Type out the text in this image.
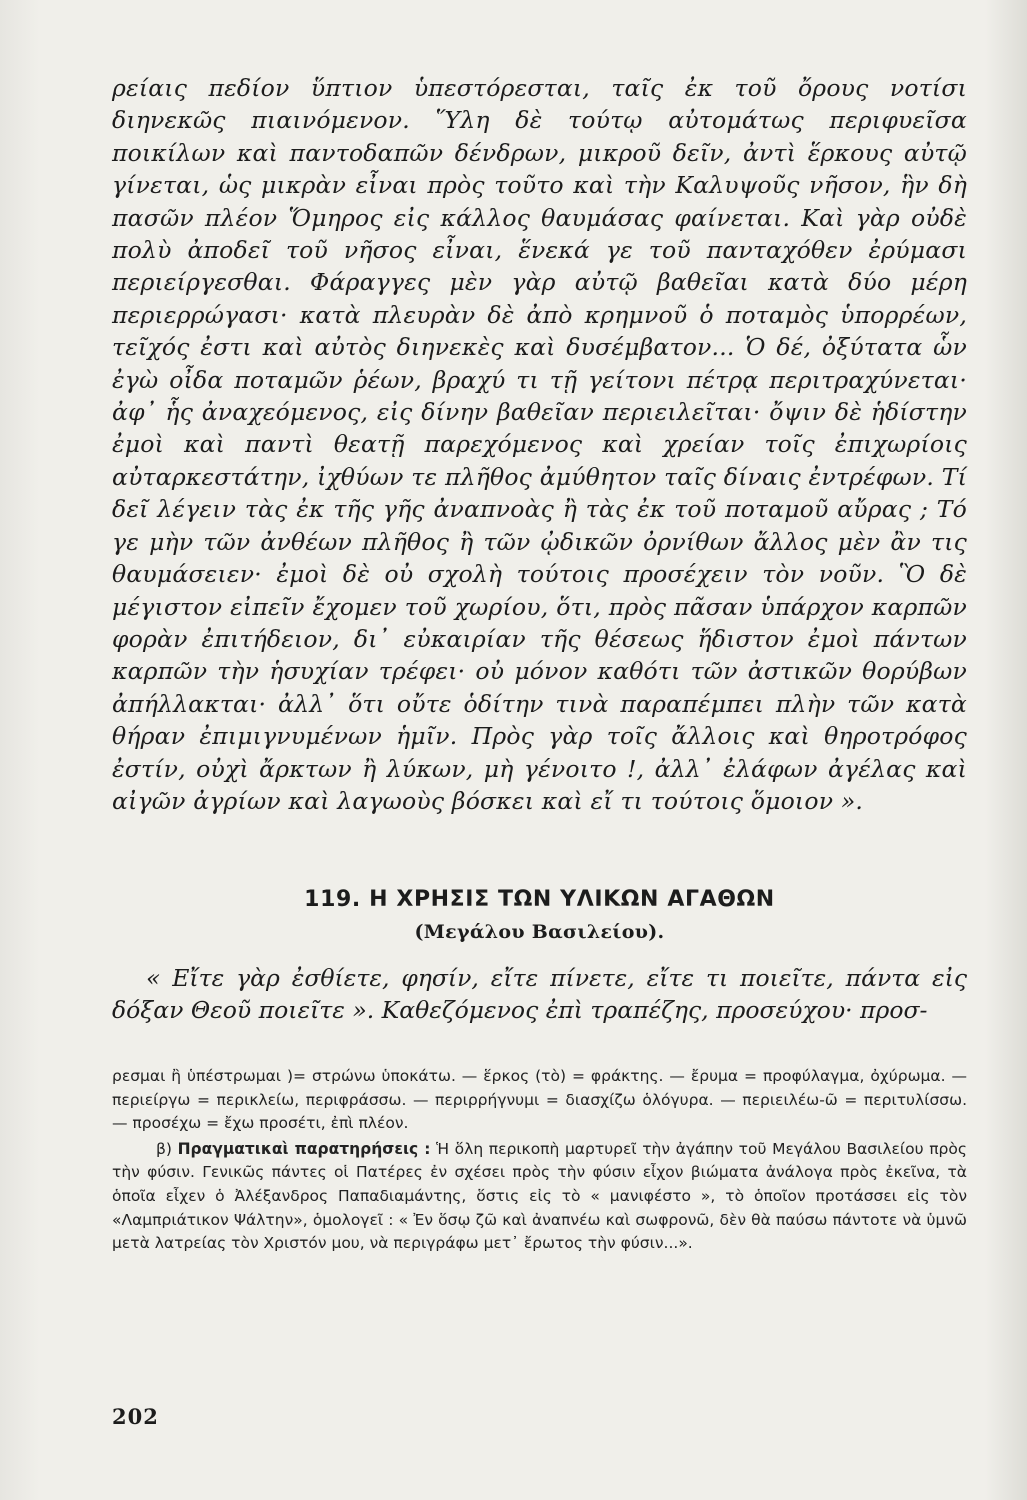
ρείαις πεδίον ὕπτιον ὑπεστόρεσται, ταῖς ἐκ τοῦ ὄρους νοτίσι διηνεκῶς πιαινόμενον. Ὕλη δὲ τούτῳ αὐτομάτως περιφυεῖσα ποικίλων καὶ παντοδαπῶν δένδρων, μικροῦ δεῖν, ἀντὶ ἕρκους αὐτῷ γίνεται, ὡς μικρὰν εἶναι πρὸς τοῦτο καὶ τὴν Καλυψοῦς νῆσον, ἣν δὴ πασῶν πλέον Ὅμηρος εἰς κάλλος θαυμάσας φαίνεται. Καὶ γὰρ οὐδὲ πολὺ ἀποδεῖ τοῦ νῆσος εἶναι, ἕνεκά γε τοῦ πανταχόθεν ἐρύμασι περιείργεσθαι. Φάραγγες μὲν γὰρ αὐτῷ βαθεῖαι κατὰ δύο μέρη περιερρώγασι· κατὰ πλευρὰν δὲ ἀπὸ κρημνοῦ ὁ ποταμὸς ὑπορρέων, τεῖχός ἐστι καὶ αὐτὸς διηνεκὲς καὶ δυσέμβατον... Ὁ δέ, ὀξύτατα ὧν ἐγὼ οἶδα ποταμῶν ῥέων, βραχύ τι τῇ γείτονι πέτρᾳ περιτραχύνεται· ἀφ᾽ ἧς ἀναχεόμενος, εἰς δίνην βαθεῖαν περιειλεῖται· ὄψιν δὲ ἡδίστην ἐμοὶ καὶ παντὶ θεατῇ παρεχόμενος καὶ χρείαν τοῖς ἐπιχωρίοις αὐταρκεστάτην, ἰχθύων τε πλῆθος ἀμύθητον ταῖς δίναις ἐντρέφων. Τί δεῖ λέγειν τὰς ἐκ τῆς γῆς ἀναπνοὰς ἢ τὰς ἐκ τοῦ ποταμοῦ αὔρας ; Τό γε μὴν τῶν ἀνθέων πλῆθος ἢ τῶν ᾠδικῶν ὀρνίθων ἄλλος μὲν ἂν τις θαυμάσειεν· ἐμοὶ δὲ οὐ σχολὴ τούτοις προσέχειν τὸν νοῦν. Ὃ δὲ μέγιστον εἰπεῖν ἔχομεν τοῦ χωρίου, ὅτι, πρὸς πᾶσαν ὑπάρχον καρπῶν φορὰν ἐπιτήδειον, δι᾽ εὐκαιρίαν τῆς θέσεως ἥδιστον ἐμοὶ πάντων καρπῶν τὴν ἡσυχίαν τρέφει· οὐ μόνον καθότι τῶν ἀστικῶν θορύβων ἀπήλλακται· ἀλλ᾽ ὅτι οὔτε ὁδίτην τινὰ παραπέμπει πλὴν τῶν κατὰ θήραν ἐπιμιγνυμένων ἡμῖν. Πρὸς γὰρ τοῖς ἄλλοις καὶ θηροτρόφος ἐστίν, οὐχὶ ἄρκτων ἢ λύκων, μὴ γένοιτο !, ἀλλ᾽ ἐλάφων ἀγέλας καὶ αἰγῶν ἀγρίων καὶ λαγωοὺς βόσκει καὶ εἴ τι τούτοις ὅμοιον ».

119. Η ΧΡΗΣΙΣ ΤΩΝ ΥΛΙΚΩΝ ΑΓΑΘΩΝ
(Μεγάλου Βασιλείου).

« Εἴτε γὰρ ἐσθίετε, φησίν, εἴτε πίνετε, εἴτε τι ποιεῖτε, πάντα εἰς δόξαν Θεοῦ ποιεῖτε ». Καθεζόμενος ἐπὶ τραπέζης, προσεύχου· προσ-

ρεσμαι ἢ ὑπέστρωμαι )= στρώνω ὑποκάτω. — ἕρκος (τὸ) = φράκτης. — ἔρυμα = προφύλαγμα, ὀχύρωμα. — περιείργω = περικλείω, περιφράσσω. — περιρρήγνυμι = διασχίζω ὁλόγυρα. — περιειλέω-ῶ = περιτυλίσσω. — προσέχω = ἔχω προσέτι, ἐπὶ πλέον.

β) Πραγματικαὶ παρατηρήσεις : Ἡ ὅλη περικοπὴ μαρτυρεῖ τὴν ἀγάπην τοῦ Μεγάλου Βασιλείου πρὸς τὴν φύσιν. Γενικῶς πάντες οἱ Πατέρες ἐν σχέσει πρὸς τὴν φύσιν εἶχον βιώματα ἀνάλογα πρὸς ἐκεῖνα, τὰ ὁποῖα εἶχεν ὁ Ἀλέξανδρος Παπαδιαμάντης, ὅστις εἰς τὸ « μανιφέστο », τὸ ὁποῖον προτάσσει εἰς τὸν «Λαμπριάτικον Ψάλτην», ὁμολογεῖ : « Ἐν ὅσῳ ζῶ καὶ ἀναπνέω καὶ σωφρονῶ, δὲν θὰ παύσω πάντοτε νὰ ὑμνῶ μετὰ λατρείας τὸν Χριστόν μου, νὰ περιγράφω μετ᾽ ἔρωτος τὴν φύσιν...».

202
